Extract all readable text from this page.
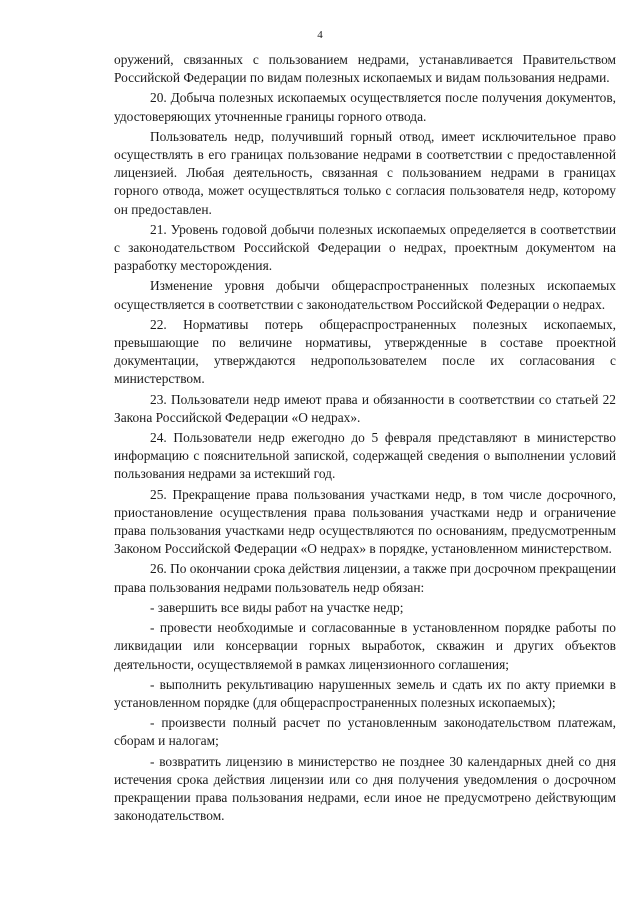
4

оружений, связанных с пользованием недрами, устанавливается Правительством Российской Федерации по видам полезных ископаемых и видам пользования недрами.

20. Добыча полезных ископаемых осуществляется после получения документов, удостоверяющих уточненные границы горного отвода.

Пользователь недр, получивший горный отвод, имеет исключительное право осуществлять в его границах пользование недрами в соответствии с предоставленной лицензией. Любая деятельность, связанная с пользованием недрами в границах горного отвода, может осуществляться только с согласия пользователя недр, которому он предоставлен.

21. Уровень годовой добычи полезных ископаемых определяется в соответствии с законодательством Российской Федерации о недрах, проектным документом на разработку месторождения.

Изменение уровня добычи общераспространенных полезных ископаемых осуществляется в соответствии с законодательством Российской Федерации о недрах.

22. Нормативы потерь общераспространенных полезных ископаемых, превышающие по величине нормативы, утвержденные в составе проектной документации, утверждаются недропользователем после их согласования с министерством.

23. Пользователи недр имеют права и обязанности в соответствии со статьей 22 Закона Российской Федерации «О недрах».

24. Пользователи недр ежегодно до 5 февраля представляют в министерство информацию с пояснительной запиской, содержащей сведения о выполнении условий пользования недрами за истекший год.

25. Прекращение права пользования участками недр, в том числе досрочного, приостановление осуществления права пользования участками недр и ограничение права пользования участками недр осуществляются по основаниям, предусмотренным Законом Российской Федерации «О недрах» в порядке, установленном министерством.

26. По окончании срока действия лицензии, а также при досрочном прекращении права пользования недрами пользователь недр обязан:

- завершить все виды работ на участке недр;

- провести необходимые и согласованные в установленном порядке работы по ликвидации или консервации горных выработок, скважин и других объектов деятельности, осуществляемой в рамках лицензионного соглашения;

- выполнить рекультивацию нарушенных земель и сдать их по акту приемки в установленном порядке (для общераспространенных полезных ископаемых);

- произвести полный расчет по установленным законодательством платежам, сборам и налогам;

- возвратить лицензию в министерство не позднее 30 календарных дней со дня истечения срока действия лицензии или со дня получения уведомления о досрочном прекращении права пользования недрами, если иное не предусмотрено действующим законодательством.
